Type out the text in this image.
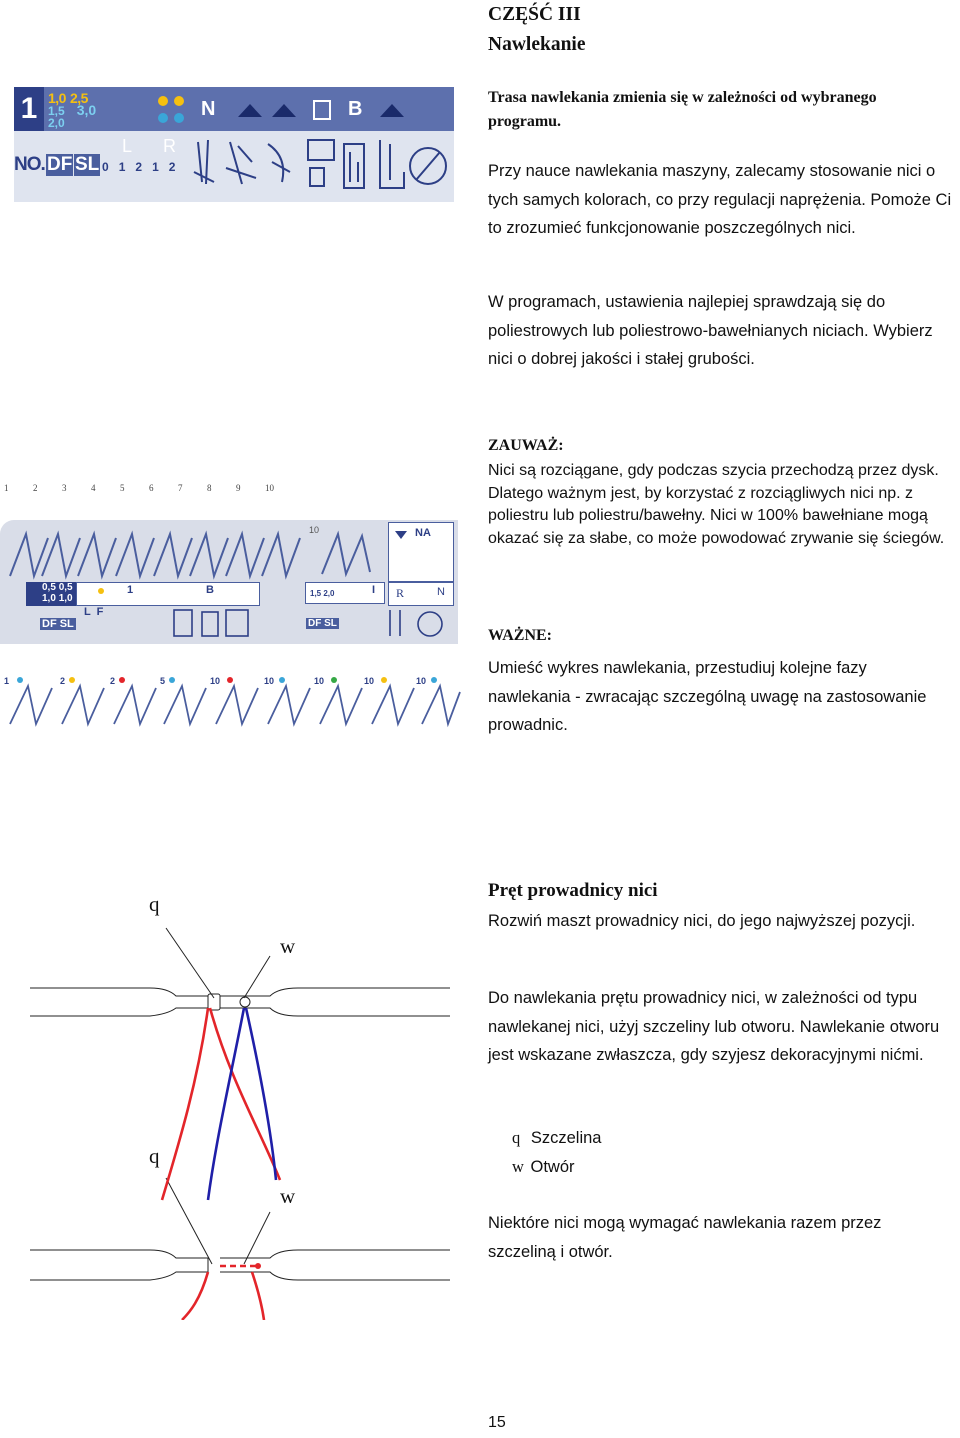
CZĘŚĆ III
Nawlekanie
1 1,0 2,5
1,5 3,0
2,0
N	B
NO. DF SL
L R
01212
Trasa nawlekania zmienia się w zależności od wybranego programu.
Przy nauce nawlekania maszyny, zalecamy stosowanie nici o tych samych kolorach, co przy regulacji naprężenia. Pomoże Ci to zrozumieć funkcjonowanie poszczególnych nici.
W programach, ustawienia najlepiej sprawdzają się do poliestrowych lub poliestrowo-bawełnianych niciach. Wybierz nici o dobrej jakości i stałej grubości.
1	2	3	4	5	6	7	8	9	10
10	NA
0,5 0,5
1,0 1,0
1	B	1,5 2,0	I R	N
DF SL
L  F
DF SL
ZAUWAŻ:
Nici są rozciągane, gdy podczas szycia przechodzą przez dysk. Dlatego ważnym jest, by korzystać z rozciągliwych nici np. z poliestru lub poliestru/bawełny. Nici w 100% bawełniane mogą okazać się za słabe, co może powodować zrywanie się ściegów.
WAŻNE:
Umieść wykres nawlekania, przestudiuj kolejne fazy nawlekania - zwracając szczególną uwagę na zastosowanie prowadnic.
1	2	2	5	10	10	10	10	10
q
w
q
w
Pręt prowadnicy nici
Rozwiń maszt prowadnicy nici, do jego najwyższej pozycji.
Do nawlekania prętu prowadnicy nici, w zależności od typu nawlekanej nici, użyj szczeliny lub otworu. Nawlekanie otworu jest wskazane zwłaszcza, gdy szyjesz dekoracyjnymi nićmi.
q Szczelina
w Otwór
Niektóre nici mogą wymagać nawlekania razem przez szczeliną i otwór.
15
